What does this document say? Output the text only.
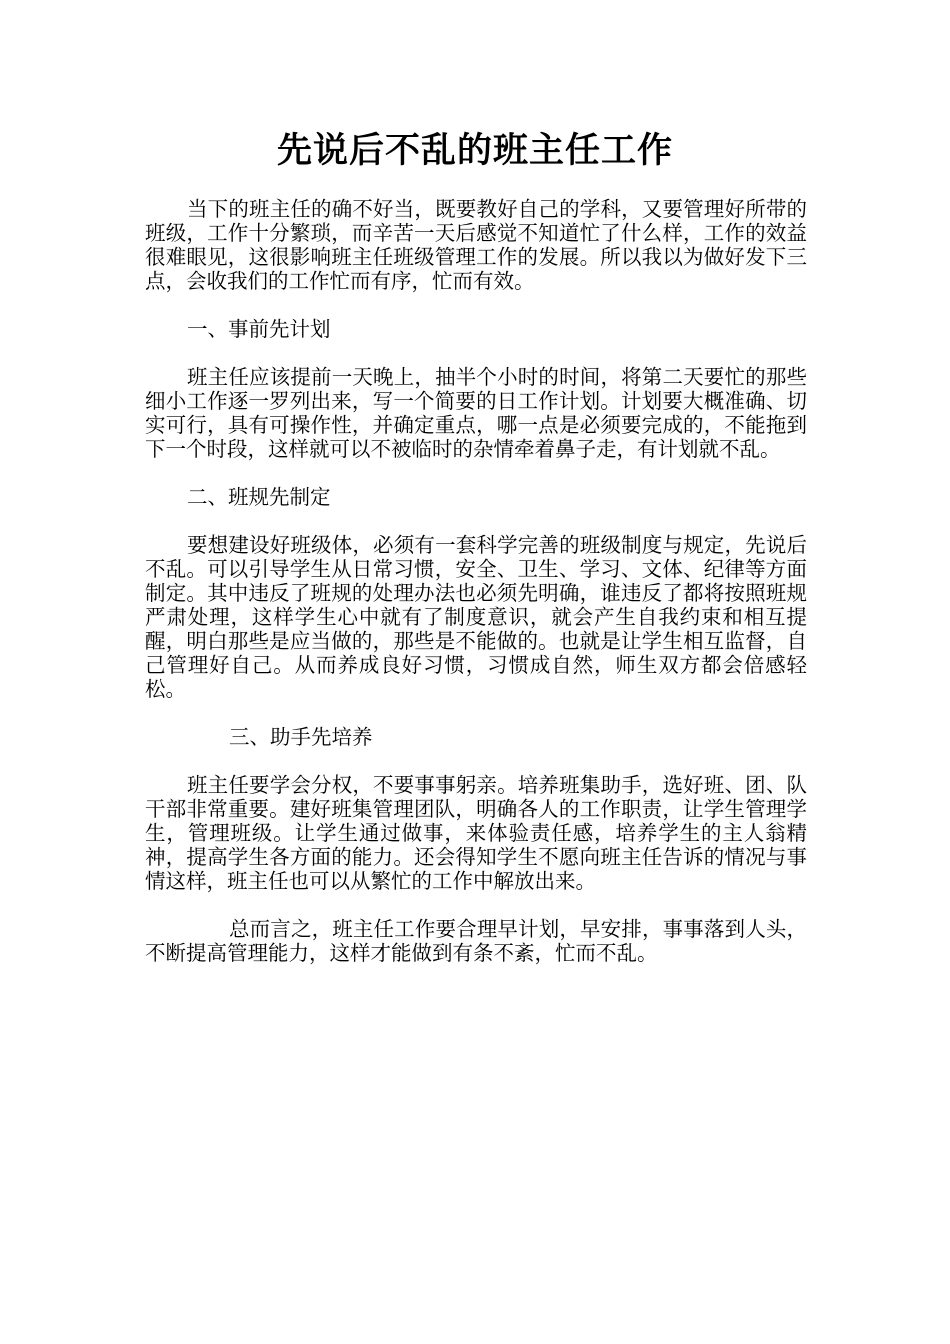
先说后不乱的班主任工作

当下的班主任的确不好当，既要教好自己的学科，又要管理好所带的班级，工作十分繁琐，而辛苦一天后感觉不知道忙了什么样，工作的效益很难眼见，这很影响班主任班级管理工作的发展。所以我以为做好发下三点，会收我们的工作忙而有序，忙而有效。

一、事前先计划

班主任应该提前一天晚上，抽半个小时的时间，将第二天要忙的那些细小工作逐一罗列出来，写一个简要的日工作计划。计划要大概准确、切实可行，具有可操作性，并确定重点，哪一点是必须要完成的，不能拖到下一个时段，这样就可以不被临时的杂情牵着鼻子走，有计划就不乱。

二、班规先制定

要想建设好班级体，必须有一套科学完善的班级制度与规定，先说后不乱。可以引导学生从日常习惯，安全、卫生、学习、文体、纪律等方面制定。其中违反了班规的处理办法也必须先明确，谁违反了都将按照班规严肃处理，这样学生心中就有了制度意识，就会产生自我约束和相互提醒，明白那些是应当做的，那些是不能做的。也就是让学生相互监督，自己管理好自己。从而养成良好习惯，习惯成自然，师生双方都会倍感轻松。

三、助手先培养

班主任要学会分权，不要事事躬亲。培养班集助手，选好班、团、队干部非常重要。建好班集管理团队，明确各人的工作职责，让学生管理学生，管理班级。让学生通过做事，来体验责任感，培养学生的主人翁精神，提高学生各方面的能力。还会得知学生不愿向班主任告诉的情况与事情这样，班主任也可以从繁忙的工作中解放出来。

总而言之，班主任工作要合理早计划，早安排，事事落到人头，不断提高管理能力，这样才能做到有条不紊，忙而不乱。
